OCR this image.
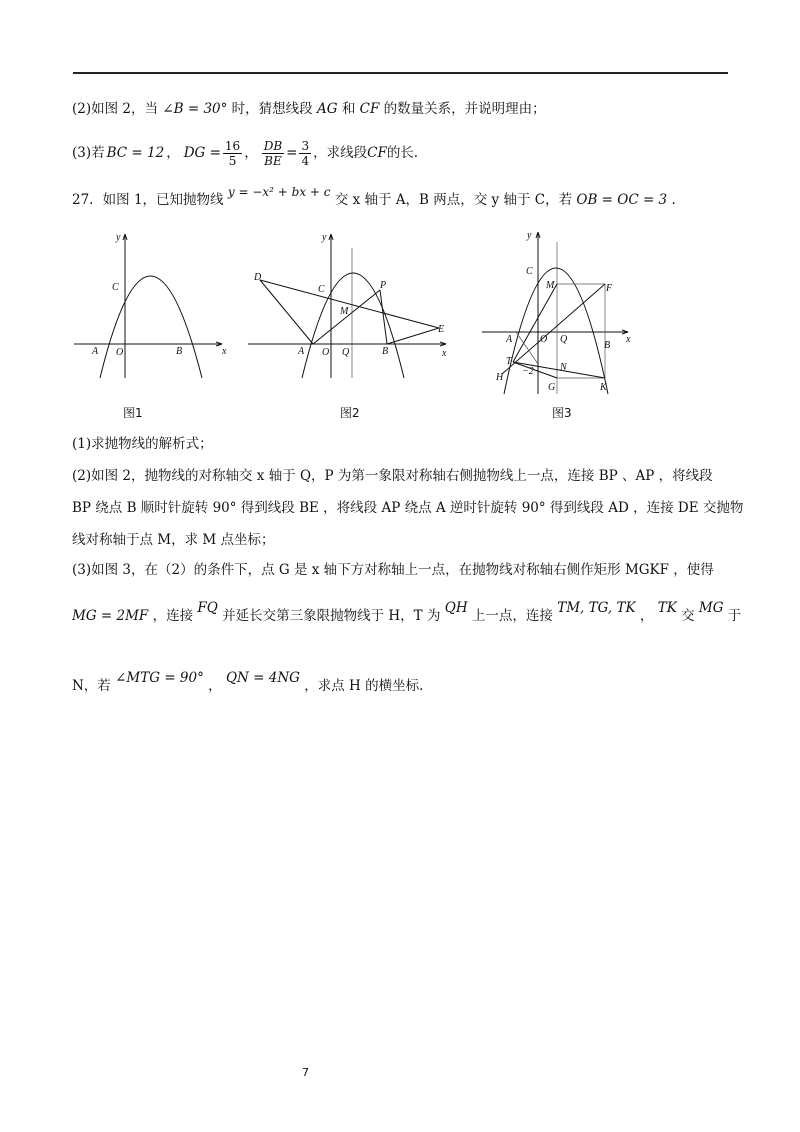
(2)如图 2，当 ∠B = 30° 时，猜想线段 AG 和 CF 的数量关系，并说明理由；
(3)若 BC = 12 ， DG = $\frac{16}{5}$ ， $\frac{DB}{BE} = \frac{3}{4}$ ，求线段 CF 的长.
27．如图 1，已知抛物线 y = −x² + bx + c 交 x 轴于 A，B 两点，交 y 轴于 C，若 OB = OC = 3 .
y
x
C
A O	B
图1
y
x
D
C	P
M
E
A O Q	B
图2
y
x
C
M	F
A	O Q
B
T
−2	N
H
G	K
图3
(1)求抛物线的解析式；
(2)如图 2，抛物线的对称轴交 x 轴于 Q，P 为第一象限对称轴右侧抛物线上一点，连接 BP 、AP ，将线段
BP 绕点 B 顺时针旋转 90° 得到线段 BE ，将线段 AP 绕点 A 逆时针旋转 90° 得到线段 AD ，连接 DE 交抛物
线对称轴于点 M，求 M 点坐标；
(3)如图 3，在（2）的条件下，点 G 是 x 轴下方对称轴上一点，在抛物线对称轴右侧作矩形 MGKF ，使得
MG = 2MF ，连接 FQ 并延长交第三象限抛物线于 H，T 为 QH 上一点，连接 TM, TG, TK ， TK 交 MG 于
N，若 ∠MTG = 90° ， QN = 4NG ，求点 H 的横坐标.
7
